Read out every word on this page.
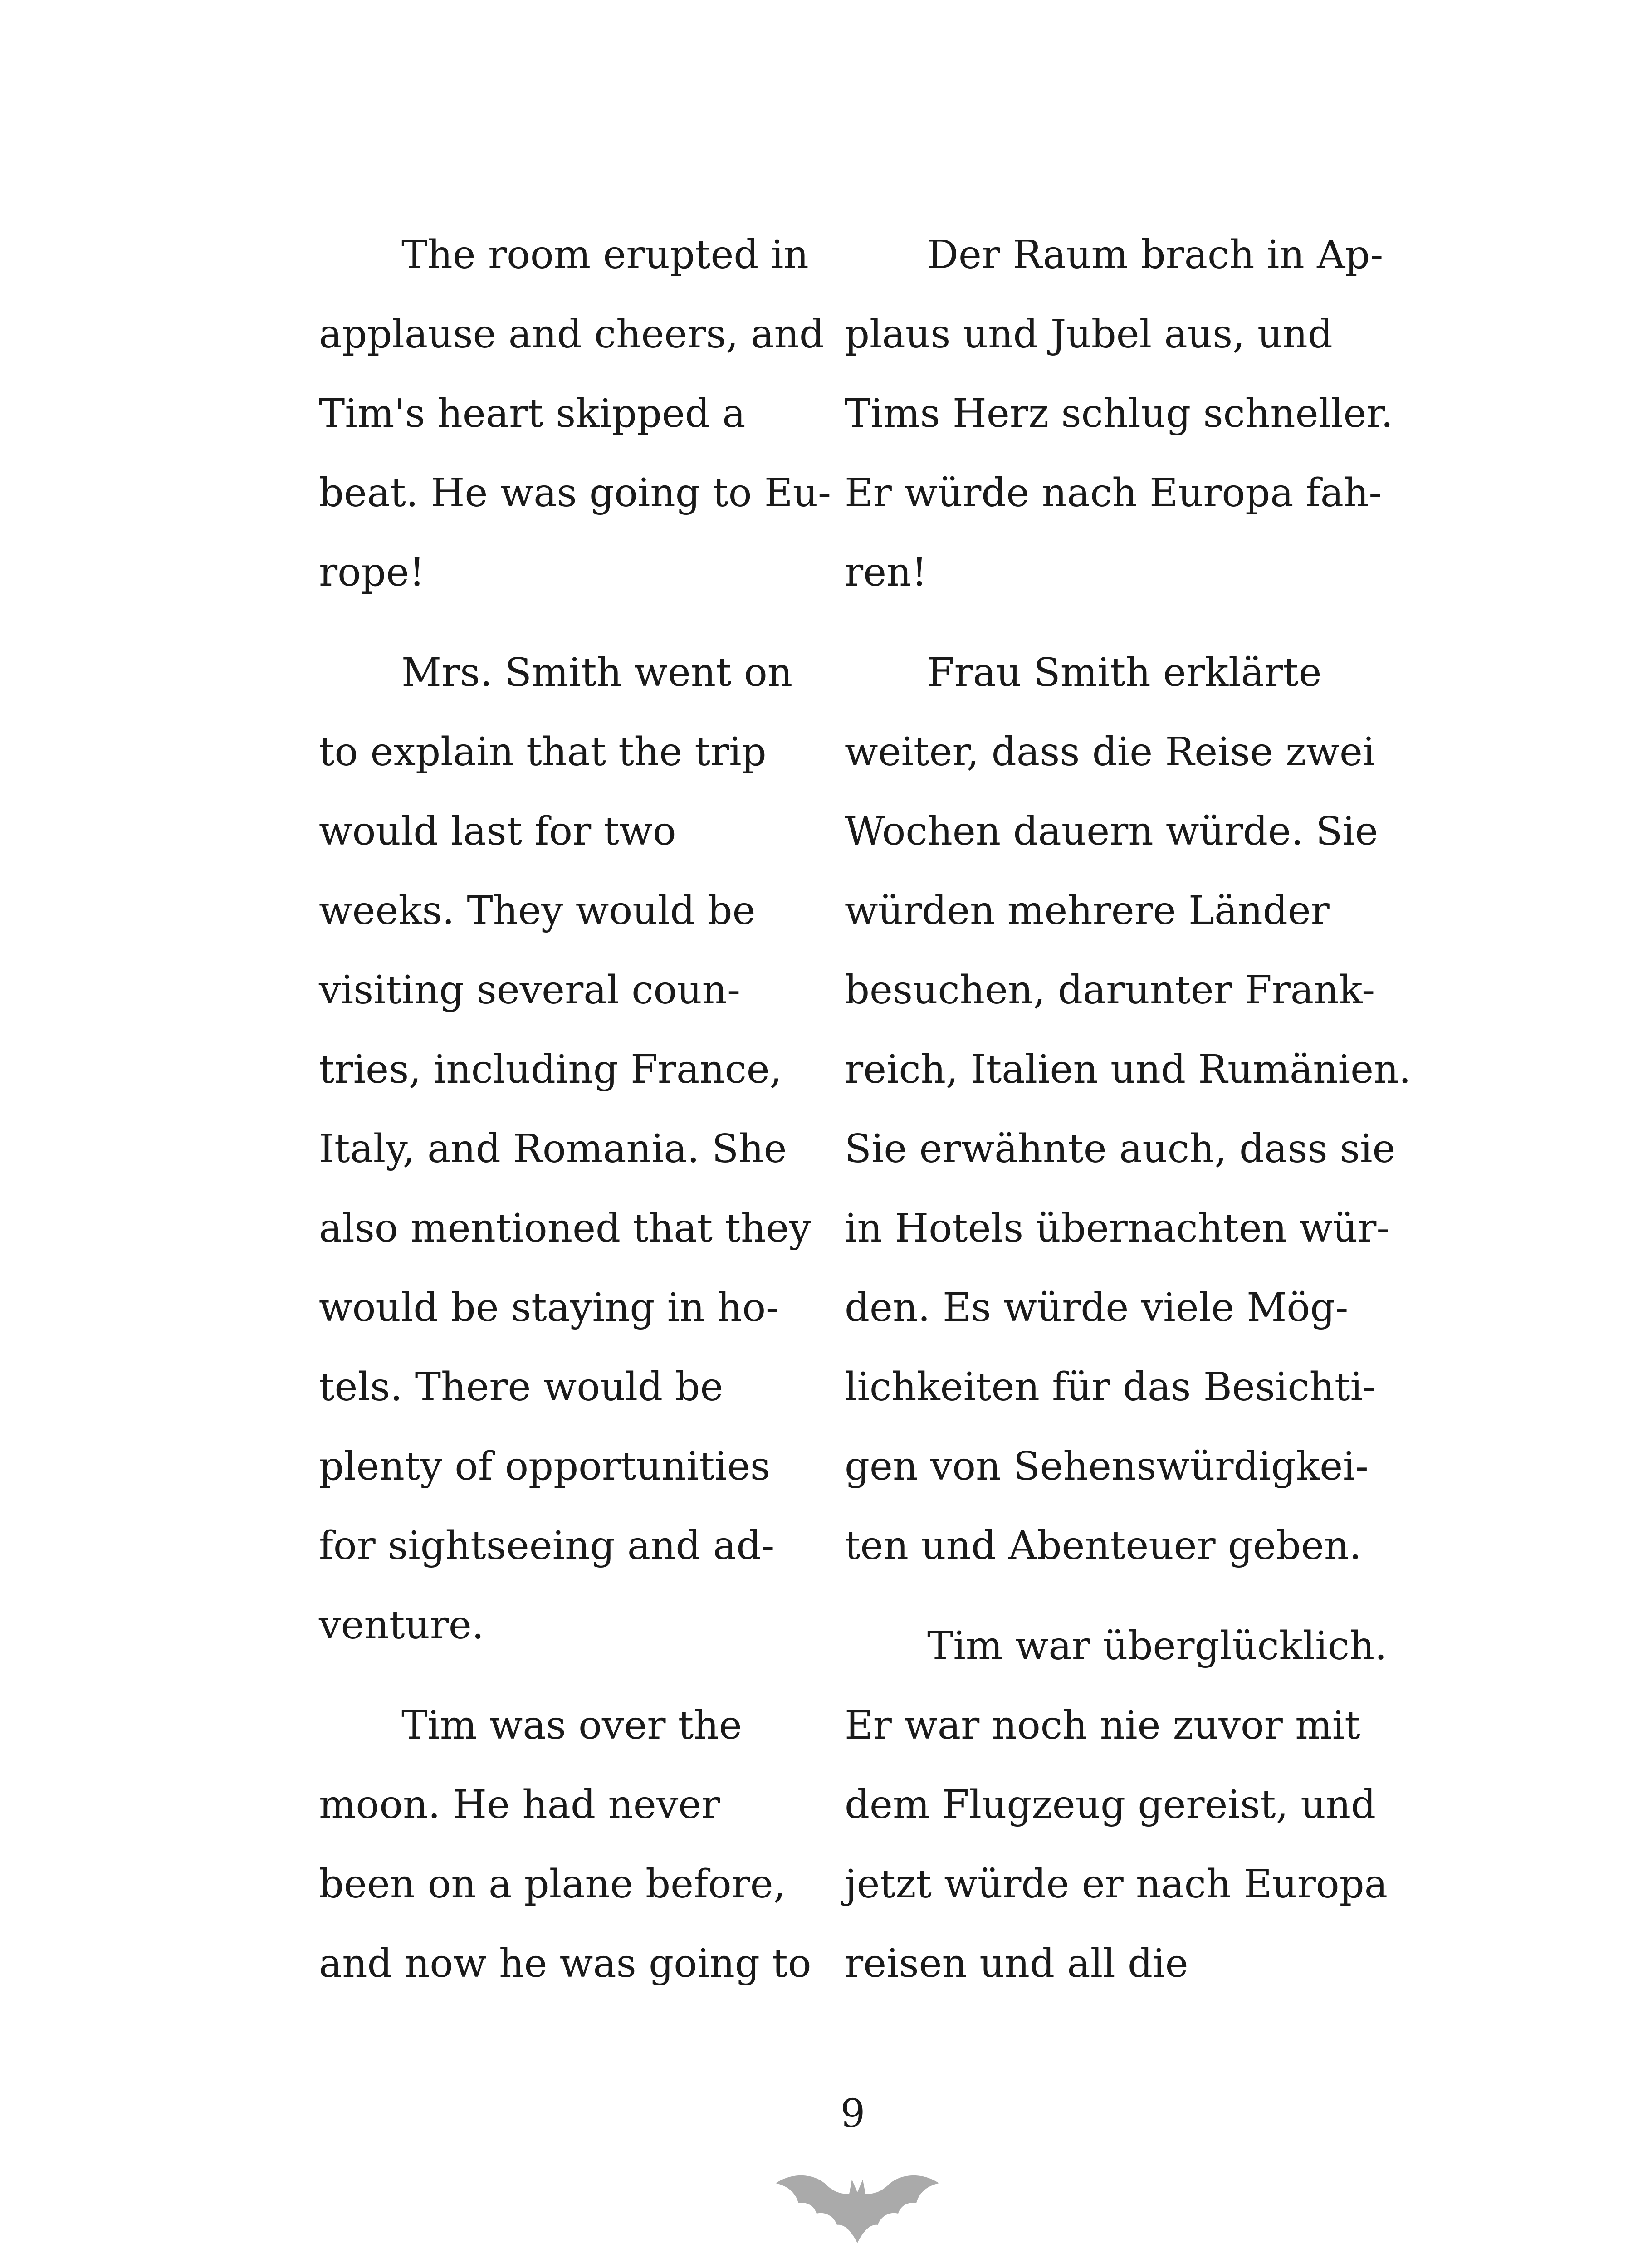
The room erupted in
applause and cheers, and
Tim's heart skipped a
beat. He was going to Eu-
rope!

Mrs. Smith went on
to explain that the trip
would last for two
weeks. They would be
visiting several coun-
tries, including France,
Italy, and Romania. She
also mentioned that they
would be staying in ho-
tels. There would be
plenty of opportunities
for sightseeing and ad-
venture.

Tim was over the
moon. He had never
been on a plane before,
and now he was going to

Der Raum brach in Ap-
plaus und Jubel aus, und
Tims Herz schlug schneller.
Er würde nach Europa fah-
ren!

Frau Smith erklärte
weiter, dass die Reise zwei
Wochen dauern würde. Sie
würden mehrere Länder
besuchen, darunter Frank-
reich, Italien und Rumänien.
Sie erwähnte auch, dass sie
in Hotels übernachten wür-
den. Es würde viele Mög-
lichkeiten für das Besichti-
gen von Sehenswürdigkei-
ten und Abenteuer geben.

Tim war überglücklich.
Er war noch nie zuvor mit
dem Flugzeug gereist, und
jetzt würde er nach Europa
reisen und all die

9
